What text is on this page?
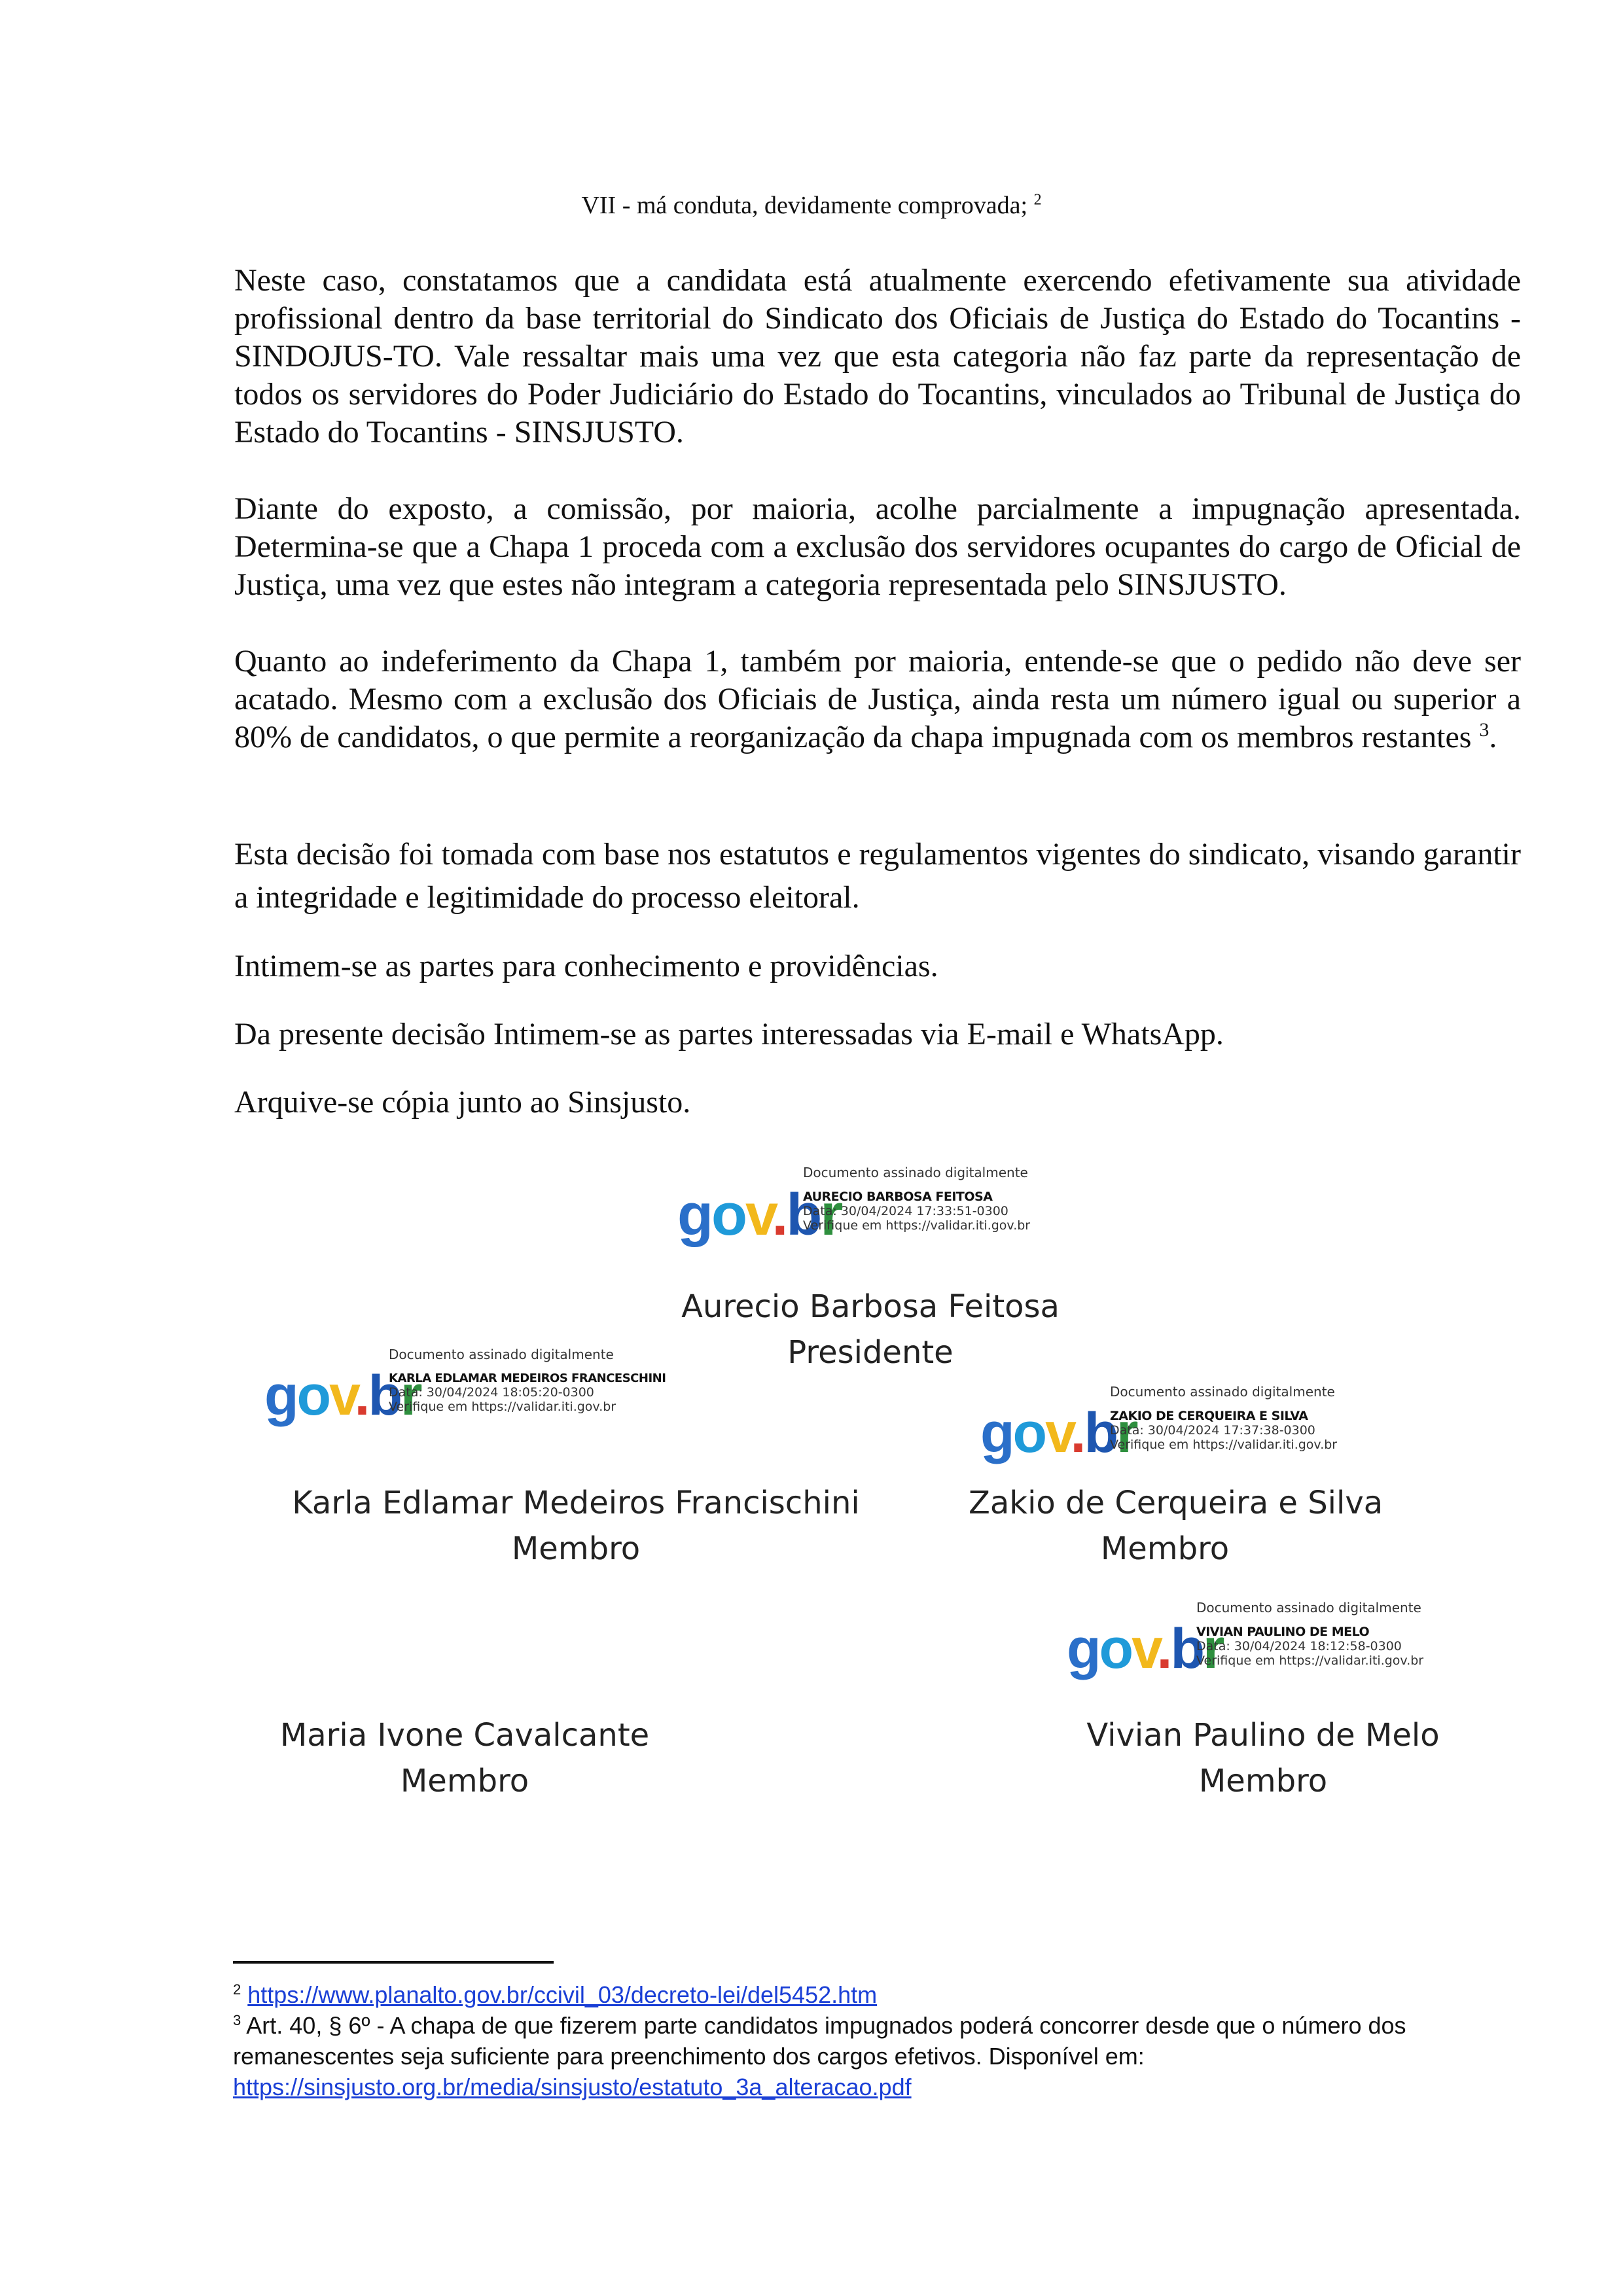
VII - má conduta, devidamente comprovada; $^2$
Neste caso, constatamos que a candidata está atualmente exercendo efetivamente sua atividade profissional dentro da base territorial do Sindicato dos Oficiais de Justiça do Estado do Tocantins - SINDOJUS-TO. Vale ressaltar mais uma vez que esta categoria não faz parte da representação de todos os servidores do Poder Judiciário do Estado do Tocantins, vinculados ao Tribunal de Justiça do Estado do Tocantins - SINSJUSTO.
Diante do exposto, a comissão, por maioria, acolhe parcialmente a impugnação apresentada. Determina-se que a Chapa 1 proceda com a exclusão dos servidores ocupantes do cargo de Oficial de Justiça, uma vez que estes não integram a categoria representada pelo SINSJUSTO.
Quanto ao indeferimento da Chapa 1, também por maioria, entende-se que o pedido não deve ser acatado. Mesmo com a exclusão dos Oficiais de Justiça, ainda resta um número igual ou superior a 80% de candidatos, o que permite a reorganização da chapa impugnada com os membros restantes $^3$.
Esta decisão foi tomada com base nos estatutos e regulamentos vigentes do sindicato, visando garantir a integridade e legitimidade do processo eleitoral.
Intimem-se as partes para conhecimento e providências.
Da presente decisão Intimem-se as partes interessadas via E-mail e WhatsApp.
Arquive-se cópia junto ao Sinsjusto.
gov.br
Documento assinado digitalmente
AURECIO BARBOSA FEITOSA
Data: 30/04/2024 17:33:51-0300
Verifique em https://validar.iti.gov.br
Aurecio Barbosa Feitosa
Presidente
gov.br
Documento assinado digitalmente
KARLA EDLAMAR MEDEIROS FRANCESCHINI
Data: 30/04/2024 18:05:20-0300
Verifique em https://validar.iti.gov.br	gov.br
Documento assinado digitalmente
ZAKIO DE CERQUEIRA E SILVA
Data: 30/04/2024 17:37:38-0300
Verifique em https://validar.iti.gov.br
Karla Edlamar Medeiros Francischini
Membro
Zakio de Cerqueira e Silva
Membro
gov.br
Documento assinado digitalmente
VIVIAN PAULINO DE MELO
Data: 30/04/2024 18:12:58-0300
Verifique em https://validar.iti.gov.br
Maria Ivone Cavalcante
Membro
Vivian Paulino de Melo
Membro
$^2$ https://www.planalto.gov.br/ccivil_03/decreto-lei/del5452.htm
$^3$ Art. 40, § 6º - A chapa de que fizerem parte candidatos impugnados poderá concorrer desde que o número dos remanescentes seja suficiente para preenchimento dos cargos efetivos. Disponível em: https://sinsjusto.org.br/media/sinsjusto/estatuto_3a_alteracao.pdf
